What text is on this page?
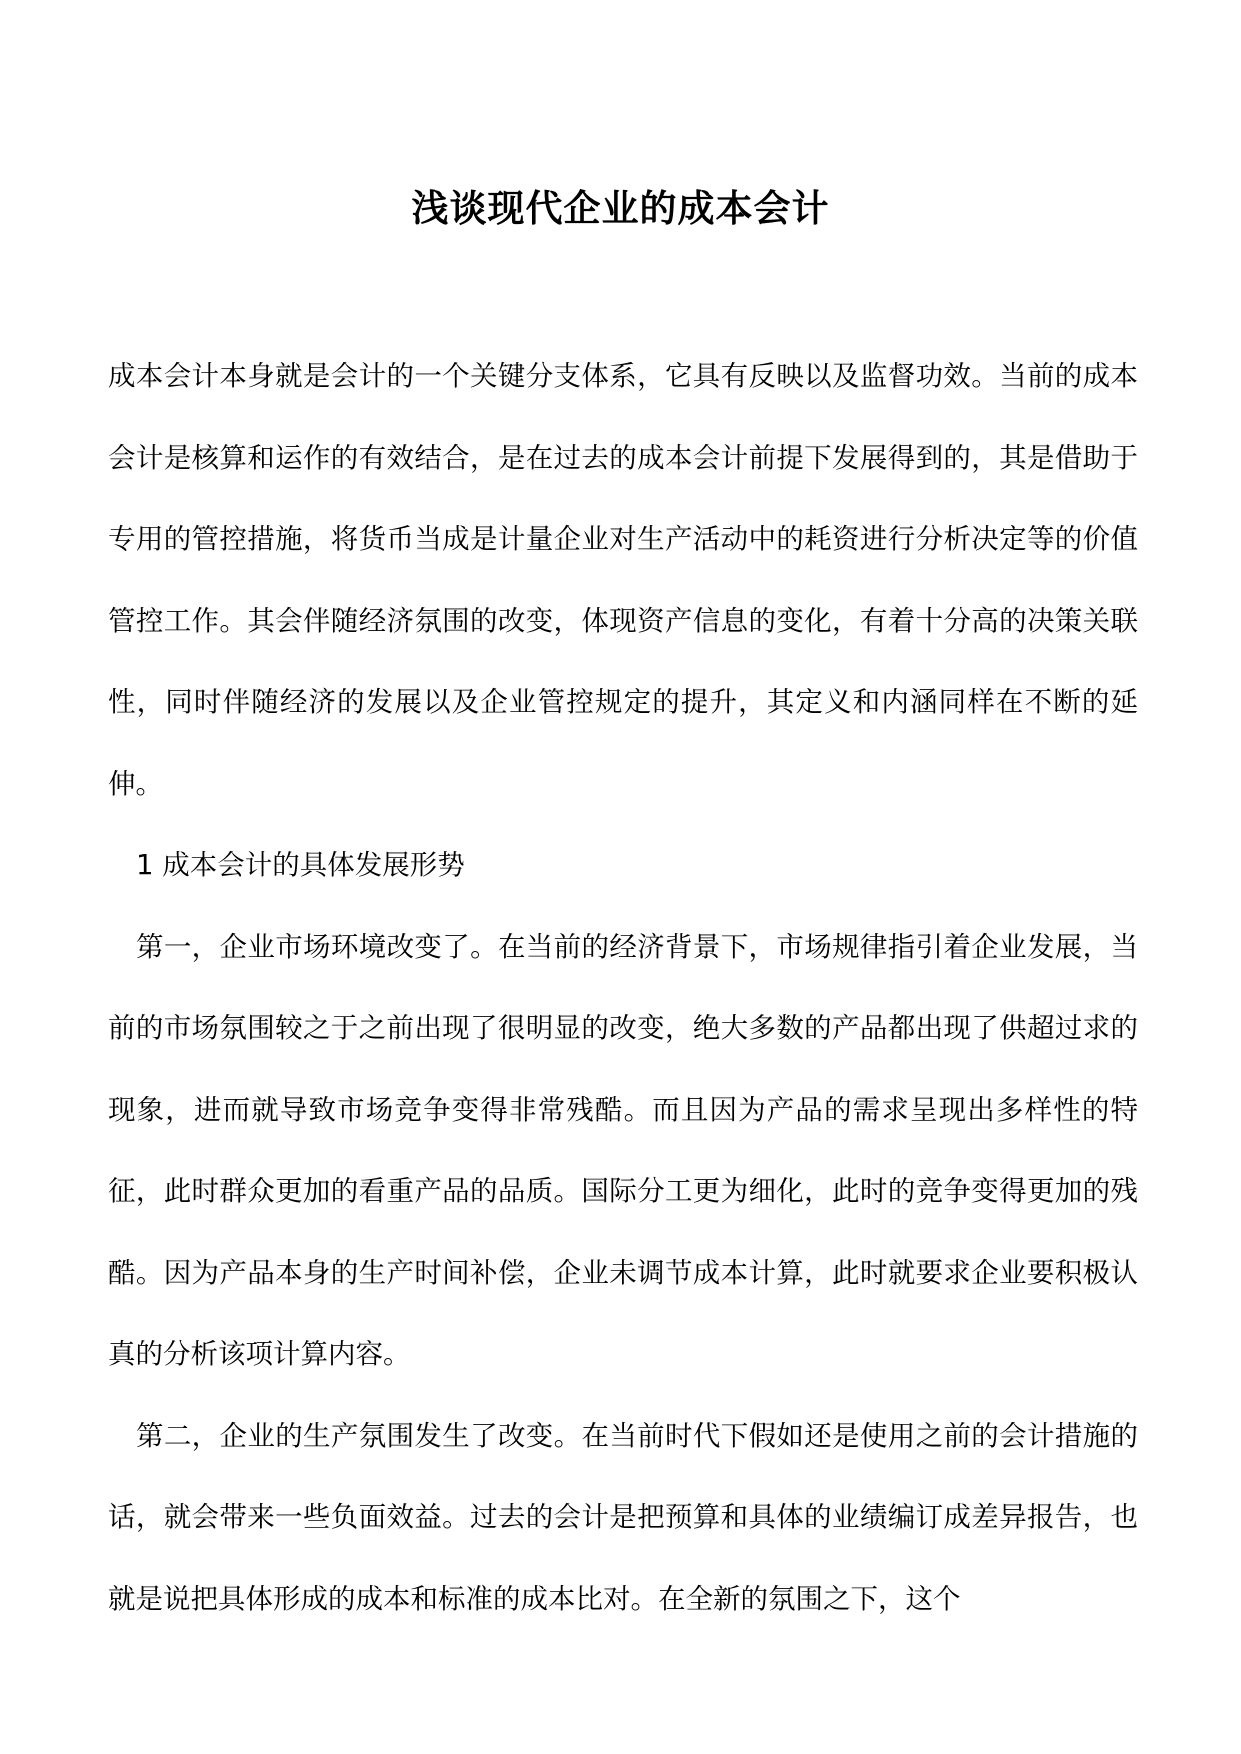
浅谈现代企业的成本会计

成本会计本身就是会计的一个关键分支体系，它具有反映以及监督功效。当前的成本会计是核算和运作的有效结合，是在过去的成本会计前提下发展得到的，其是借助于专用的管控措施，将货币当成是计量企业对生产活动中的耗资进行分析决定等的价值管控工作。其会伴随经济氛围的改变，体现资产信息的变化，有着十分高的决策关联性，同时伴随经济的发展以及企业管控规定的提升，其定义和内涵同样在不断的延伸。

1 成本会计的具体发展形势

第一，企业市场环境改变了。在当前的经济背景下，市场规律指引着企业发展，当前的市场氛围较之于之前出现了很明显的改变，绝大多数的产品都出现了供超过求的现象，进而就导致市场竞争变得非常残酷。而且因为产品的需求呈现出多样性的特征，此时群众更加的看重产品的品质。国际分工更为细化，此时的竞争变得更加的残酷。因为产品本身的生产时间补偿，企业未调节成本计算，此时就要求企业要积极认真的分析该项计算内容。

第二，企业的生产氛围发生了改变。在当前时代下假如还是使用之前的会计措施的话，就会带来一些负面效益。过去的会计是把预算和具体的业绩编订成差异报告，也就是说把具体形成的成本和标准的成本比对。在全新的氛围之下，这个
